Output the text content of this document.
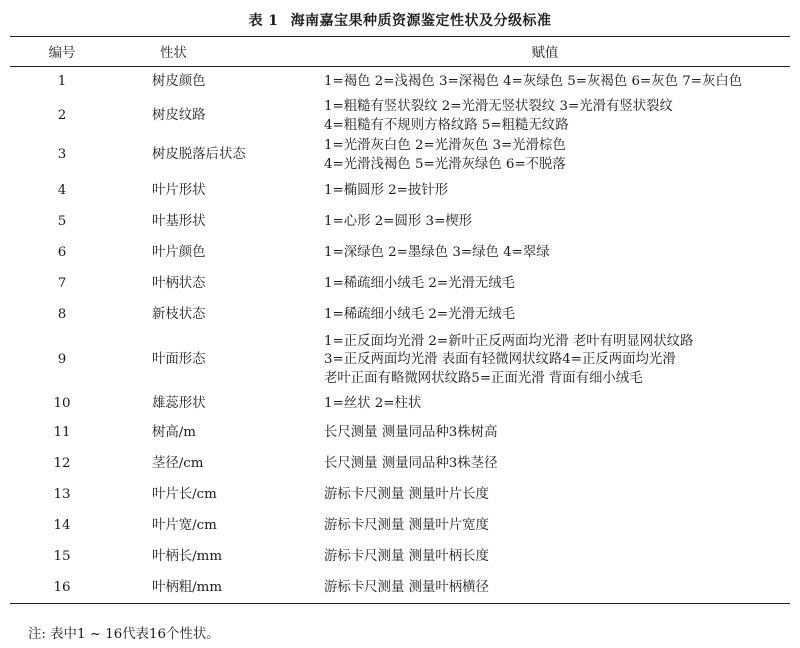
表 1 海南嘉宝果种质资源鉴定性状及分级标准
编号	性状	赋值
1	树皮颜色	1=褐色 2=浅褐色 3=深褐色 4=灰绿色 5=灰褐色 6=灰色 7=灰白色

2	树皮纹路	1=粗糙有竖状裂纹 2=光滑无竖状裂纹 3=光滑有竖状裂纹
4=粗糙有不规则方格纹路 5=粗糙无纹路

3	树皮脱落后状态	1=光滑灰白色 2=光滑灰色 3=光滑棕色
4=光滑浅褐色 5=光滑灰绿色 6=不脱落

4	叶片形状	1=椭圆形 2=披针形

5	叶基形状	1=心形 2=圆形 3=楔形

6	叶片颜色	1=深绿色 2=墨绿色 3=绿色 4=翠绿

7	叶柄状态	1=稀疏细小绒毛 2=光滑无绒毛

8	新枝状态	1=稀疏细小绒毛 2=光滑无绒毛

9	叶面形态	1=正反面均光滑 2=新叶正反两面均光滑 老叶有明显网状纹路
3=正反两面均光滑 表面有轻微网状纹路4=正反两面均光滑
老叶正面有略微网状纹路5=正面光滑 背面有细小绒毛

10	雄蕊形状	1=丝状 2=柱状

11	树高/m	长尺测量 测量同品种3株树高

12	茎径/cm	长尺测量 测量同品种3株茎径

13	叶片长/cm	游标卡尺测量 测量叶片长度

14	叶片宽/cm	游标卡尺测量 测量叶片宽度

15	叶柄长/mm	游标卡尺测量 测量叶柄长度

16	叶柄粗/mm	游标卡尺测量 测量叶柄横径
注: 表中1 ~ 16代表16个性状。
